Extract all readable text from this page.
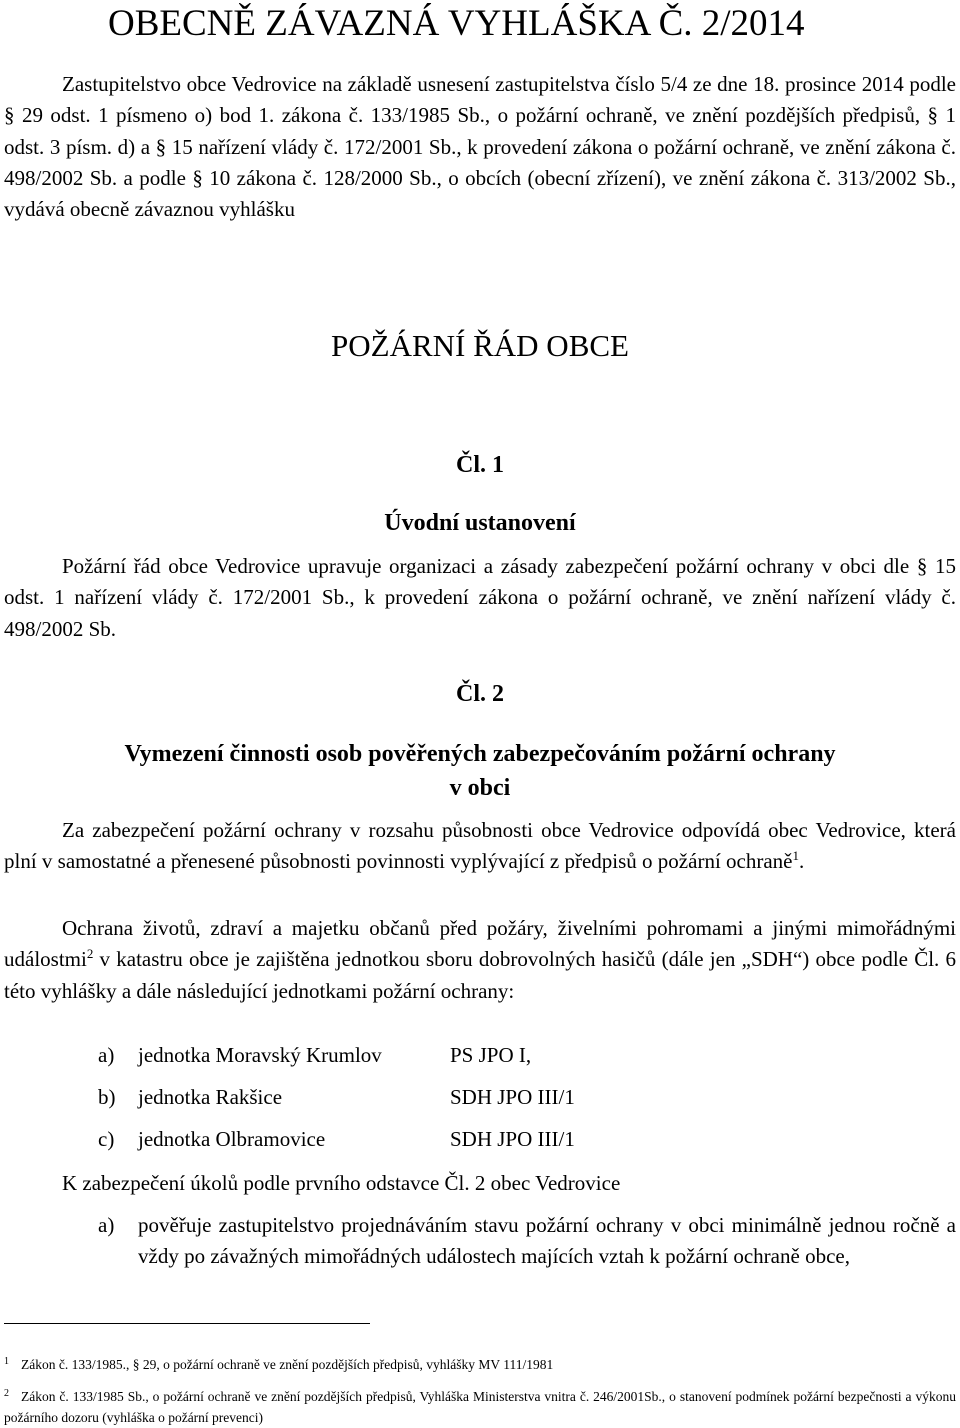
OBECNĚ ZÁVAZNÁ VYHLÁŠKA Č. 2/2014

Zastupitelstvo obce Vedrovice na základě usnesení zastupitelstva číslo 5/4 ze dne 18. prosince 2014 podle § 29 odst. 1 písmeno o) bod 1. zákona č. 133/1985 Sb., o požární ochraně, ve znění pozdějších předpisů, § 1 odst. 3 písm. d) a § 15 nařízení vlády č. 172/2001 Sb., k provedení zákona o požární ochraně, ve znění zákona č. 498/2002 Sb. a podle § 10 zákona č. 128/2000 Sb., o obcích (obecní zřízení), ve znění zákona č. 313/2002 Sb., vydává obecně závaznou vyhlášku

POŽÁRNÍ ŘÁD OBCE
Čl. 1
Úvodní ustanovení

Požární řád obce Vedrovice upravuje organizaci a zásady zabezpečení požární ochrany v obci dle § 15 odst. 1 nařízení vlády č. 172/2001 Sb., k provedení zákona o požární ochraně, ve znění nařízení vlády č. 498/2002 Sb.

Čl. 2
Vymezení činnosti osob pověřených zabezpečováním požární ochrany
v obci

Za zabezpečení požární ochrany v rozsahu působnosti obce Vedrovice odpovídá obec Vedrovice, která plní v samostatné a přenesené působnosti povinnosti vyplývající z předpisů o požární ochraně$^1$.

Ochrana životů, zdraví a majetku občanů před požáry, živelními pohromami a jinými mimořádnými událostmi$^2$ v katastru obce je zajištěna jednotkou sboru dobrovolných hasičů (dále jen „SDH“) obce podle Čl. 6 této vyhlášky a dále následující jednotkami požární ochrany:

a) jednotka Moravský Krumlov	PS JPO I,
b) jednotka Rakšice	SDH JPO III/1
c) jednotka Olbramovice	SDH JPO III/1
K zabezpečení úkolů podle prvního odstavce Čl. 2 obec Vedrovice
a) pověřuje zastupitelstvo projednáváním stavu požární ochrany v obci minimálně jednou ročně a vždy po závažných mimořádných událostech majících vztah k požární ochraně obce,
$^1$ Zákon č. 133/1985., § 29, o požární ochraně ve znění pozdějších předpisů, vyhlášky MV 111/1981
$^2$ Zákon č. 133/1985 Sb., o požární ochraně ve znění pozdějších předpisů, Vyhláška Ministerstva vnitra č. 246/2001Sb., o stanovení podmínek požární bezpečnosti a výkonu požárního dozoru (vyhláška o požární prevenci)
